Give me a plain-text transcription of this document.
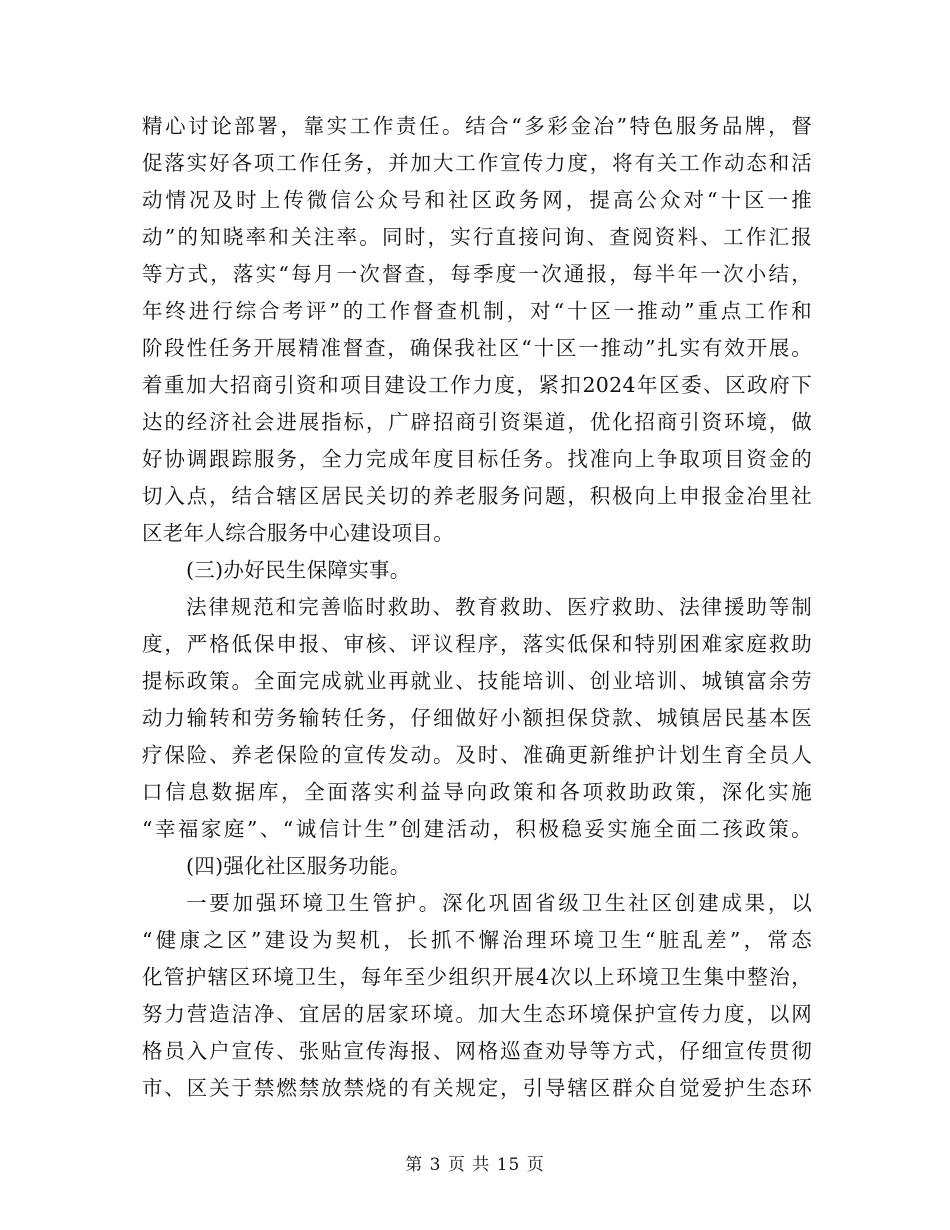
精心讨论部署，靠实工作责任。结合“多彩金冶”特色服务品牌，督
促落实好各项工作任务，并加大工作宣传力度，将有关工作动态和活
动情况及时上传微信公众号和社区政务网，提高公众对“十区一推
动”的知晓率和关注率。同时，实行直接问询、查阅资料、工作汇报
等方式，落实“每月一次督查，每季度一次通报，每半年一次小结，
年终进行综合考评”的工作督查机制，对“十区一推动”重点工作和
阶段性任务开展精准督查，确保我社区“十区一推动”扎实有效开展。
着重加大招商引资和项目建设工作力度，紧扣2024年区委、区政府下
达的经济社会进展指标，广辟招商引资渠道，优化招商引资环境，做
好协调跟踪服务，全力完成年度目标任务。找准向上争取项目资金的
切入点，结合辖区居民关切的养老服务问题，积极向上申报金冶里社
区老年人综合服务中心建设项目。
(三)办好民生保障实事。
法律规范和完善临时救助、教育救助、医疗救助、法律援助等制
度，严格低保申报、审核、评议程序，落实低保和特别困难家庭救助
提标政策。全面完成就业再就业、技能培训、创业培训、城镇富余劳
动力输转和劳务输转任务，仔细做好小额担保贷款、城镇居民基本医
疗保险、养老保险的宣传发动。及时、准确更新维护计划生育全员人
口信息数据库，全面落实利益导向政策和各项救助政策，深化实施
“幸福家庭”、“诚信计生”创建活动，积极稳妥实施全面二孩政策。
(四)强化社区服务功能。
一要加强环境卫生管护。深化巩固省级卫生社区创建成果，以
“健康之区”建设为契机，长抓不懈治理环境卫生“脏乱差”，常态
化管护辖区环境卫生，每年至少组织开展4次以上环境卫生集中整治，
努力营造洁净、宜居的居家环境。加大生态环境保护宣传力度，以网
格员入户宣传、张贴宣传海报、网格巡查劝导等方式，仔细宣传贯彻
市、区关于禁燃禁放禁烧的有关规定，引导辖区群众自觉爱护生态环
第 3 页 共 15 页
